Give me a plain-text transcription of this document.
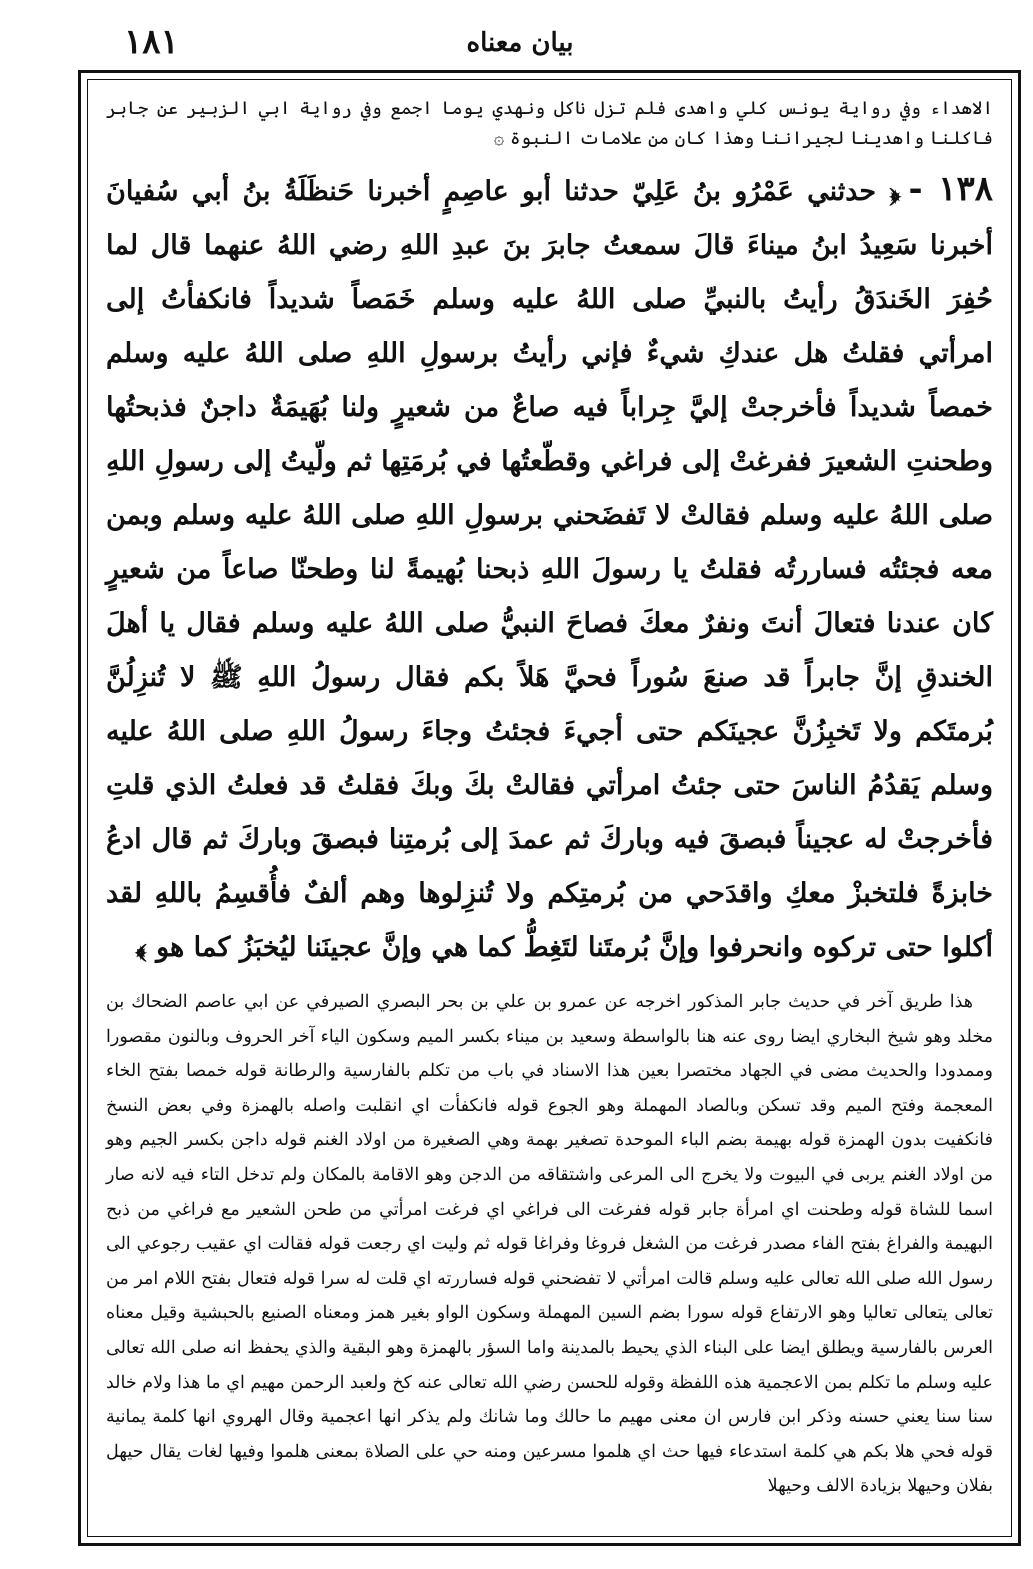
١٨١	بيان معناه

الاهداء وفي رواية يونس كلي واهدى فلم تزل ناكل ونهدي يوما اجمع وفي رواية ابي الزبير عن جابر فاكلنا واهدينا لجيراننا وهذا كان من علامات النبوة ۞

١٣٨ -﴿ حدثني عَمْرُو بنُ عَلِيّ حدثنا أبو عاصِمٍ أخبرنا حَنظَلَةُ بنُ أبي سُفيانَ أخبرنا سَعِيدُ ابنُ ميناءَ قالَ سمعتُ جابرَ بنَ عبدِ اللهِ رضي اللهُ عنهما قال لما حُفِرَ الخَندَقُ رأيتُ بالنبيِّ صلى اللهُ عليه وسلم خَمَصاً شديداً فانكفأتُ إلى امرأتي فقلتُ هل عندكِ شيءٌ فإني رأيتُ برسولِ اللهِ صلى اللهُ عليه وسلم خمصاً شديداً فأخرجتْ إليَّ جِراباً فيه صاعٌ من شعيرٍ ولنا بُهَيمَةٌ داجنٌ فذبحتُها وطحنتِ الشعيرَ ففرغتْ إلى فراغي وقطّعتُها في بُرمَتِها ثم ولّيتُ إلى رسولِ اللهِ صلى اللهُ عليه وسلم فقالتْ لا تَفضَحني برسولِ اللهِ صلى اللهُ عليه وسلم وبمن معه فجئتُه فساررتُه فقلتُ يا رسولَ اللهِ ذبحنا بُهيمةً لنا وطحنّا صاعاً من شعيرٍ كان عندنا فتعالَ أنتَ ونفرٌ معكَ فصاحَ النبيُّ صلى اللهُ عليه وسلم فقال يا أهلَ الخندقِ إنَّ جابراً قد صنعَ سُوراً فحيَّ هَلاً بكم فقال رسولُ اللهِ ﷺ لا تُنزِلُنَّ بُرمتَكم ولا تَخبِزُنَّ عجينَكم حتى أجيءَ فجئتُ وجاءَ رسولُ اللهِ صلى اللهُ عليه وسلم يَقدُمُ الناسَ حتى جئتُ امرأتي فقالتْ بكَ وبكَ فقلتُ قد فعلتُ الذي قلتِ فأخرجتْ له عجيناً فبصقَ فيه وباركَ ثم عمدَ إلى بُرمتِنا فبصقَ وباركَ ثم قال ادعُ خابزةً فلتخبزْ معكِ واقدَحي من بُرمتِكم ولا تُنزِلوها وهم ألفٌ فأُقسِمُ باللهِ لقد أكلوا حتى تركوه وانحرفوا وإنَّ بُرمتَنا لتَغِطُّ كما هي وإنَّ عجينَنا ليُخبَزُ كما هو ﴾

هذا طريق آخر في حديث جابر المذكور اخرجه عن عمرو بن علي بن بحر البصري الصيرفي عن ابي عاصم الضحاك بن مخلد وهو شيخ البخاري ايضا روى عنه هنا بالواسطة وسعيد بن ميناء بكسر الميم وسكون الياء آخر الحروف وبالنون مقصورا وممدودا والحديث مضى في الجهاد مختصرا بعين هذا الاسناد في باب من تكلم بالفارسية والرطانة قوله خمصا بفتح الخاء المعجمة وفتح الميم وقد تسكن وبالصاد المهملة وهو الجوع قوله فانكفأت اي انقلبت واصله بالهمزة وفي بعض النسخ فانكفيت بدون الهمزة قوله بهيمة بضم الباء الموحدة تصغير بهمة وهي الصغيرة من اولاد الغنم قوله داجن بكسر الجيم وهو من اولاد الغنم يربى في البيوت ولا يخرج الى المرعى واشتقاقه من الدجن وهو الاقامة بالمكان ولم تدخل التاء فيه لانه صار اسما للشاة قوله وطحنت اي امرأة جابر قوله ففرغت الى فراغي اي فرغت امرأتي من طحن الشعير مع فراغي من ذبح البهيمة والفراغ بفتح الفاء مصدر فرغت من الشغل فروغا وفراغا قوله ثم وليت اي رجعت قوله فقالت اي عقيب رجوعي الى رسول الله صلى الله تعالى عليه وسلم قالت امرأتي لا تفضحني قوله فساررته اي قلت له سرا قوله فتعال بفتح اللام امر من تعالى يتعالى تعاليا وهو الارتفاع قوله سورا بضم السين المهملة وسكون الواو بغير همز ومعناه الصنيع بالحبشية وقيل معناه العرس بالفارسية ويطلق ايضا على البناء الذي يحيط بالمدينة واما السؤر بالهمزة وهو البقية والذي يحفظ انه صلى الله تعالى عليه وسلم ما تكلم بمن الاعجمية هذه اللفظة وقوله للحسن رضي الله تعالى عنه كخ ولعبد الرحمن مهيم اي ما هذا ولام خالد سنا سنا يعني حسنه وذكر ابن فارس ان معنى مهيم ما حالك وما شانك ولم يذكر انها اعجمية وقال الهروي انها كلمة يمانية قوله فحي هلا بكم هي كلمة استدعاء فيها حث اي هلموا مسرعين ومنه حي على الصلاة بمعنى هلموا وفيها لغات يقال حيهل بفلان وحيهلا بزيادة الالف وحيهلا
